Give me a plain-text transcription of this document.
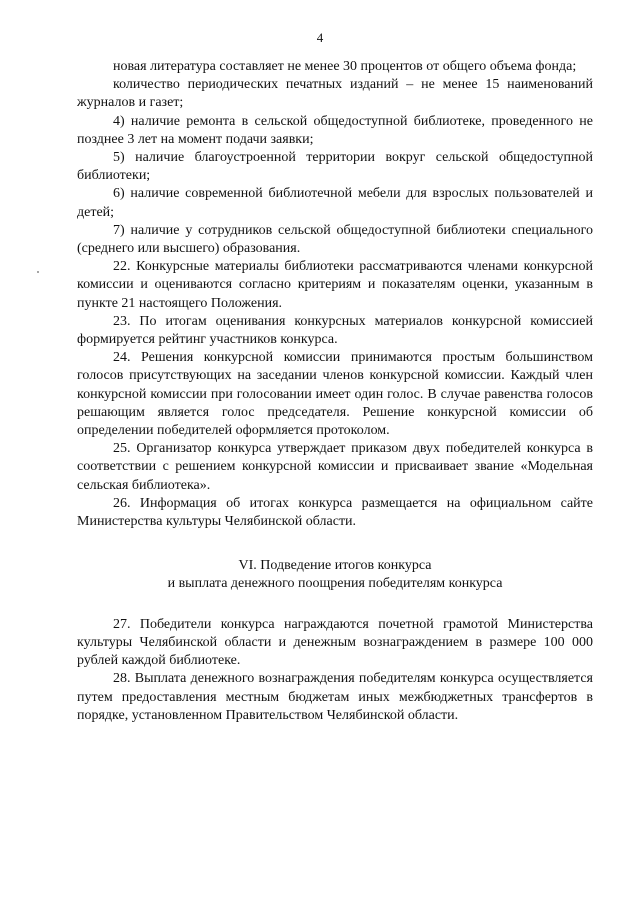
4

новая литература составляет не менее 30 процентов от общего объема фонда;

количество периодических печатных изданий – не менее 15 наименований журналов и газет;

4) наличие ремонта в сельской общедоступной библиотеке, проведенного не позднее 3 лет на момент подачи заявки;

5) наличие благоустроенной территории вокруг сельской общедоступной библиотеки;

6) наличие современной библиотечной мебели для взрослых пользователей и детей;

7) наличие у сотрудников сельской общедоступной библиотеки специального (среднего или высшего) образования.

22. Конкурсные материалы библиотеки рассматриваются членами конкурсной комиссии и оцениваются согласно критериям и показателям оценки, указанным в пункте 21 настоящего Положения.

23. По итогам оценивания конкурсных материалов конкурсной комиссией формируется рейтинг участников конкурса.

24. Решения конкурсной комиссии принимаются простым большинством голосов присутствующих на заседании членов конкурсной комиссии. Каждый член конкурсной комиссии при голосовании имеет один голос. В случае равенства голосов решающим является голос председателя. Решение конкурсной комиссии об определении победителей оформляется протоколом.

25. Организатор конкурса утверждает приказом двух победителей конкурса в соответствии с решением конкурсной комиссии и присваивает звание «Модельная сельская библиотека».

26. Информация об итогах конкурса размещается на официальном сайте Министерства культуры Челябинской области.

VI. Подведение итогов конкурса
и выплата денежного поощрения победителям конкурса

27. Победители конкурса награждаются почетной грамотой Министерства культуры Челябинской области и денежным вознаграждением в размере 100 000 рублей каждой библиотеке.

28. Выплата денежного вознаграждения победителям конкурса осуществляется путем предоставления местным бюджетам иных межбюджетных трансфертов в порядке, установленном Правительством Челябинской области.
